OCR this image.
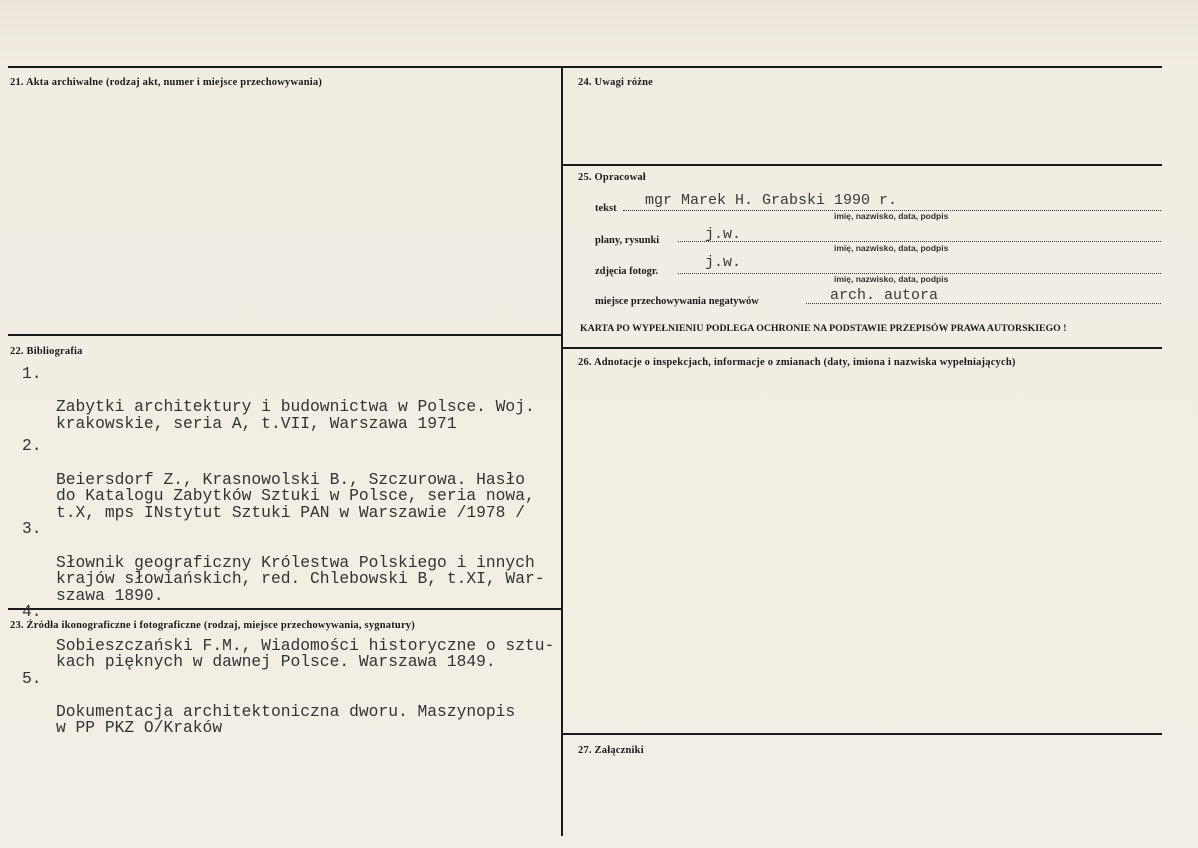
21. Akta archiwalne (rodzaj akt, numer i miejsce przechowywania)
22. Bibliografia
23. Źródła ikonograficzne i fotograficzne (rodzaj, miejsce przechowywania, sygnatury)
24. Uwagi różne
25. Opracował
26. Adnotacje o inspekcjach, informacje o zmianach (daty, imiona i nazwiska wypełniających)
27. Załączniki

1.

Zabytki architektury i budownictwa w Polsce. Woj.
krakowskie, seria A, t.VII, Warszawa 1971

2.

Beiersdorf Z., Krasnowolski B., Szczurowa. Hasło
do Katalogu Zabytków Sztuki w Polsce, seria nowa,
t.X, mps INstytut Sztuki PAN w Warszawie /1978 /

3.

Słownik geograficzny Królestwa Polskiego i innych
krajów słowiańskich, red. Chlebowski B, t.XI, War-
szawa 1890.

4.

Sobieszczański F.M., Wiadomości historyczne o sztu-
kach pięknych w dawnej Polsce. Warszawa 1849.

5.

Dokumentacja architektoniczna dworu. Maszynopis
w PP PKZ O/Kraków

tekst mgr Marek H. Grabski 1990 r.
imię, nazwisko, data, podpis
plany, rysunki	j.w.
imię, nazwisko, data, podpis
zdjęcia fotogr.
j.w.
imię, nazwisko, data, podpis
miejsce przechowywania negatywów	arch. autora
KARTA PO WYPEŁNIENIU PODLEGA OCHRONIE NA PODSTAWIE PRZEPISÓW PRAWA AUTORSKIEGO !
